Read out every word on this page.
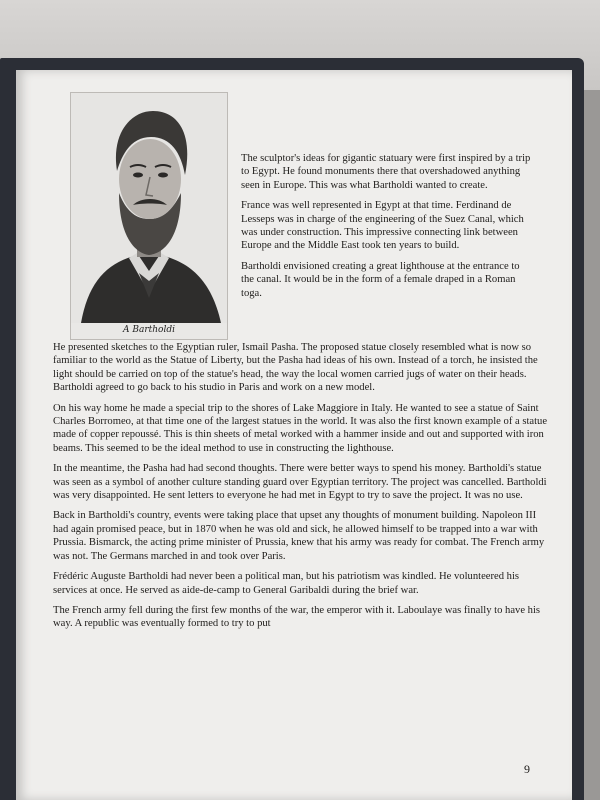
A Bartholdi

The sculptor's ideas for gigantic statuary were first inspired by a trip to Egypt. He found monuments there that overshadowed anything seen in Europe. This was what Bartholdi wanted to create.

France was well represented in Egypt at that time. Ferdinand de Lesseps was in charge of the engineering of the Suez Canal, which was under construction. This impressive connecting link between Europe and the Middle East took ten years to build.

Bartholdi envisioned creating a great lighthouse at the entrance to the canal. It would be in the form of a female draped in a Roman toga.

He presented sketches to the Egyptian ruler, Ismail Pasha. The proposed statue closely resembled what is now so familiar to the world as the Statue of Liberty, but the Pasha had ideas of his own. Instead of a torch, he insisted the light should be carried on top of the statue's head, the way the local women carried jugs of water on their heads. Bartholdi agreed to go back to his studio in Paris and work on a new model.

On his way home he made a special trip to the shores of Lake Maggiore in Italy. He wanted to see a statue of Saint Charles Borromeo, at that time one of the largest statues in the world. It was also the first known example of a statue made of copper repoussé. This is thin sheets of metal worked with a hammer inside and out and supported with iron beams. This seemed to be the ideal method to use in constructing the lighthouse.

In the meantime, the Pasha had had second thoughts. There were better ways to spend his money. Bartholdi's statue was seen as a symbol of another culture standing guard over Egyptian territory. The project was cancelled. Bartholdi was very disappointed. He sent letters to everyone he had met in Egypt to try to save the project. It was no use.

Back in Bartholdi's country, events were taking place that upset any thoughts of monument building. Napoleon III had again promised peace, but in 1870 when he was old and sick, he allowed himself to be trapped into a war with Prussia. Bismarck, the acting prime minister of Prussia, knew that his army was ready for combat. The French army was not. The Germans marched in and took over Paris.

Frédéric Auguste Bartholdi had never been a political man, but his patriotism was kindled. He volunteered his services at once. He served as aide-de-camp to General Garibaldi during the brief war.

The French army fell during the first few months of the war, the emperor with it. Laboulaye was finally to have his way. A republic was eventually formed to try to put

9
